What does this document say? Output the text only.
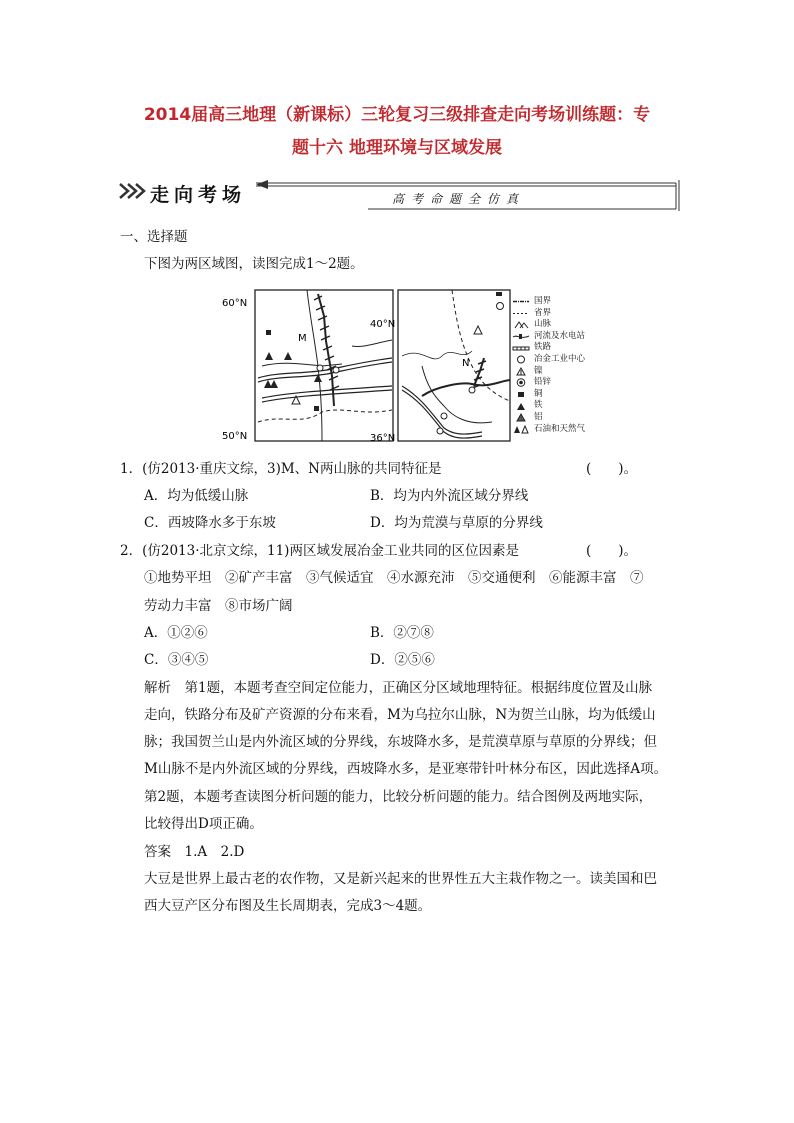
2014届高三地理（新课标）三轮复习三级排查走向考场训练题：专
题十六 地理环境与区域发展
走向考场	高考命题全仿真
一、选择题
下图为两区域图，读图完成1～2题。
60°N
50°N
M
40°N
36°N
N
国界
省界
山脉
河流及水电站
铁路
冶金工业中心
镍
铅锌
铜
铁
铝
石油和天然气
1．(仿2013·重庆文综，3)M、N两山脉的共同特征是	(　　)。
A．均为低缓山脉	B．均为内外流区域分界线
C．西坡降水多于东坡	D．均为荒漠与草原的分界线
2．(仿2013·北京文综，11)两区域发展冶金工业共同的区位因素是	(　　)。
①地势平坦　②矿产丰富　③气候适宜　④水源充沛　⑤交通便利　⑥能源丰富　⑦
劳动力丰富　⑧市场广阔
A．①②⑥	B．②⑦⑧
C．③④⑤	D．②⑤⑥
解析　第1题，本题考查空间定位能力，正确区分区域地理特征。根据纬度位置及山脉
走向，铁路分布及矿产资源的分布来看，M为乌拉尔山脉，N为贺兰山脉，均为低缓山
脉；我国贺兰山是内外流区域的分界线，东坡降水多，是荒漠草原与草原的分界线；但
M山脉不是内外流区域的分界线，西坡降水多，是亚寒带针叶林分布区，因此选择A项。
第2题，本题考查读图分析问题的能力，比较分析问题的能力。结合图例及两地实际，
比较得出D项正确。
答案　1.A　2.D
大豆是世界上最古老的农作物，又是新兴起来的世界性五大主栽作物之一。读美国和巴
西大豆产区分布图及生长周期表，完成3～4题。
